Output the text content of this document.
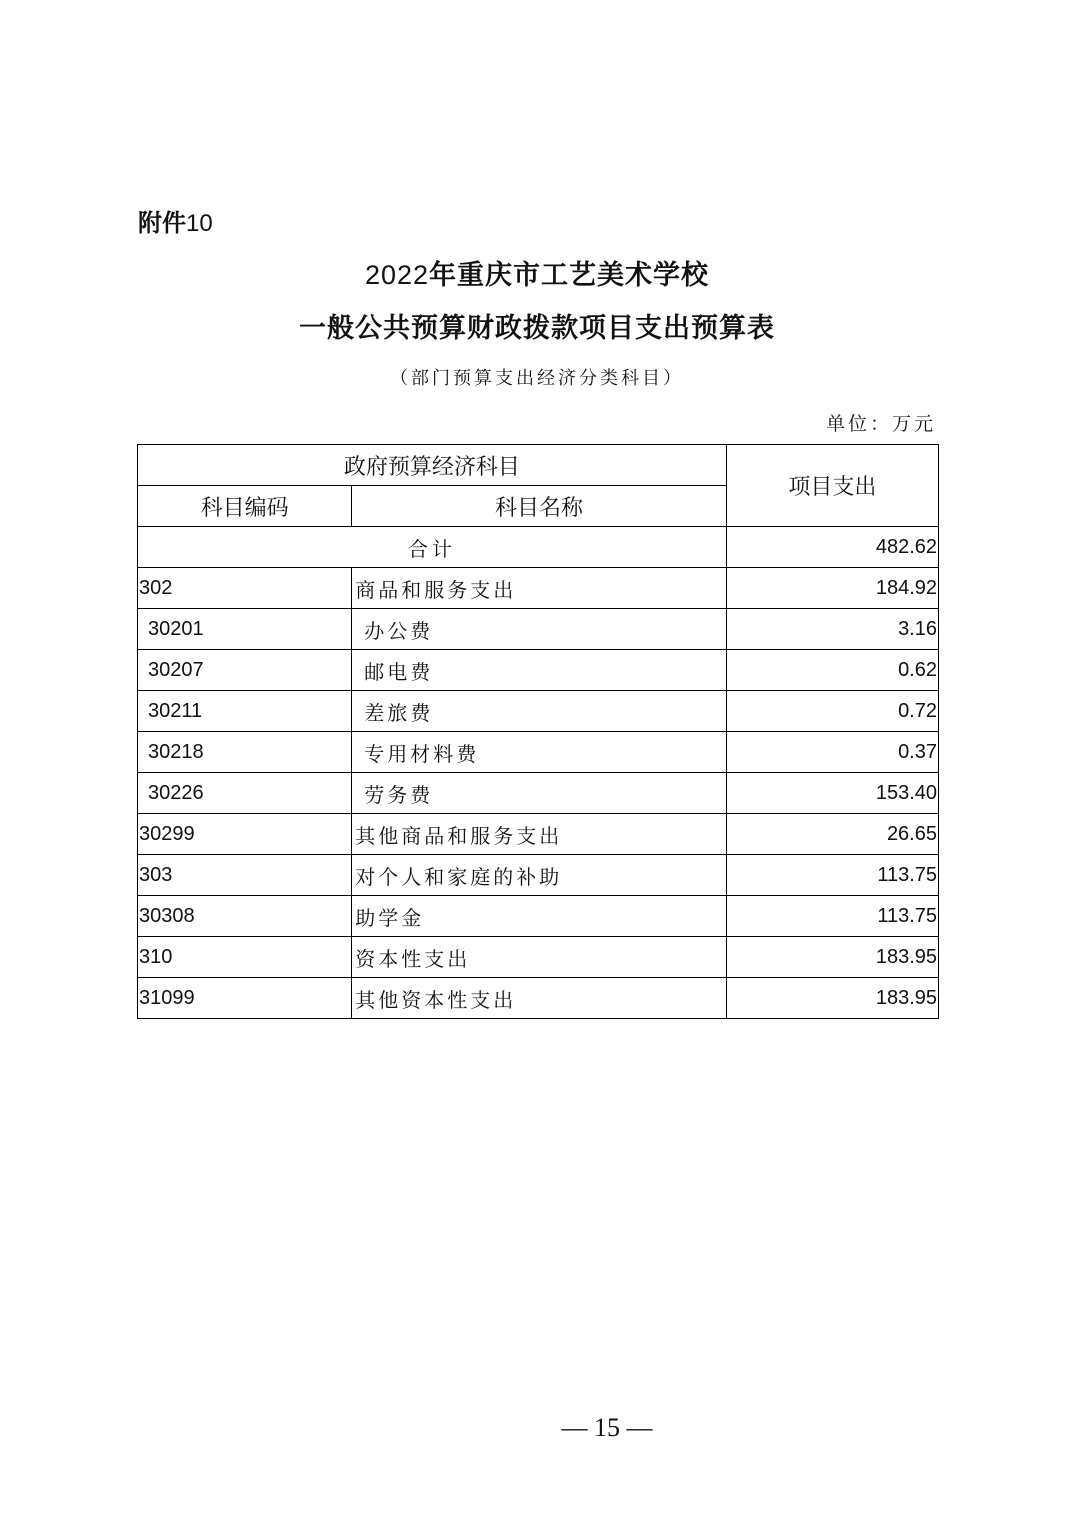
附件10
2022年重庆市工艺美术学校
一般公共预算财政拨款项目支出预算表
（部门预算支出经济分类科目）
单位：万元
政府预算经济科目		项目支出
科目编码	科目名称	
合计		482.62
302	商品和服务支出	184.92
30201	办公费	3.16
30207	邮电费	0.62
30211	差旅费	0.72
30218	专用材料费	0.37
30226	劳务费	153.40
30299	其他商品和服务支出	26.65
303	对个人和家庭的补助	113.75
30308	助学金	113.75
310	资本性支出	183.95
31099	其他资本性支出	183.95
— 15 —
